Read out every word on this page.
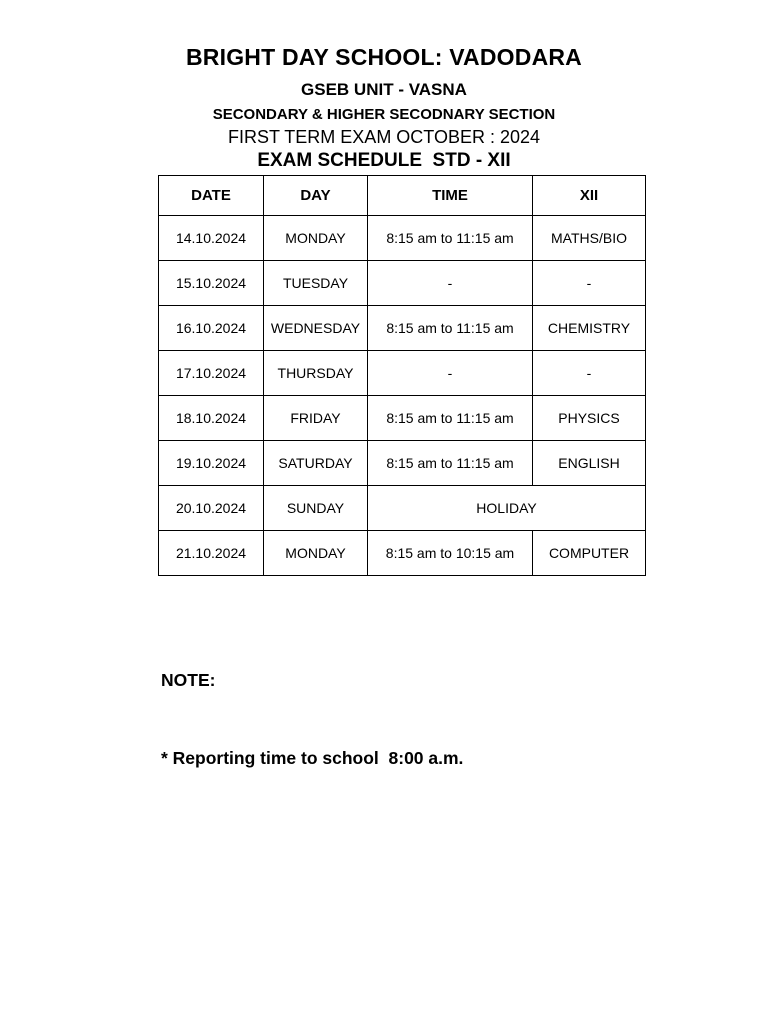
BRIGHT DAY SCHOOL: VADODARA
GSEB UNIT - VASNA
SECONDARY & HIGHER SECODNARY SECTION
FIRST TERM EXAM OCTOBER : 2024
EXAM SCHEDULE  STD - XII
DATE	DAY	TIME	XII
14.10.2024	MONDAY	8:15 am to 11:15 am	MATHS/BIO
15.10.2024	TUESDAY	-	-
16.10.2024	WEDNESDAY	8:15 am to 11:15 am	CHEMISTRY
17.10.2024	THURSDAY	-	-
18.10.2024	FRIDAY	8:15 am to 11:15 am	PHYSICS
19.10.2024	SATURDAY	8:15 am to 11:15 am	ENGLISH
20.10.2024	SUNDAY	HOLIDAY	
21.10.2024	MONDAY	8:15 am to 10:15 am	COMPUTER

NOTE:

* Reporting time to school  8:00 a.m.
